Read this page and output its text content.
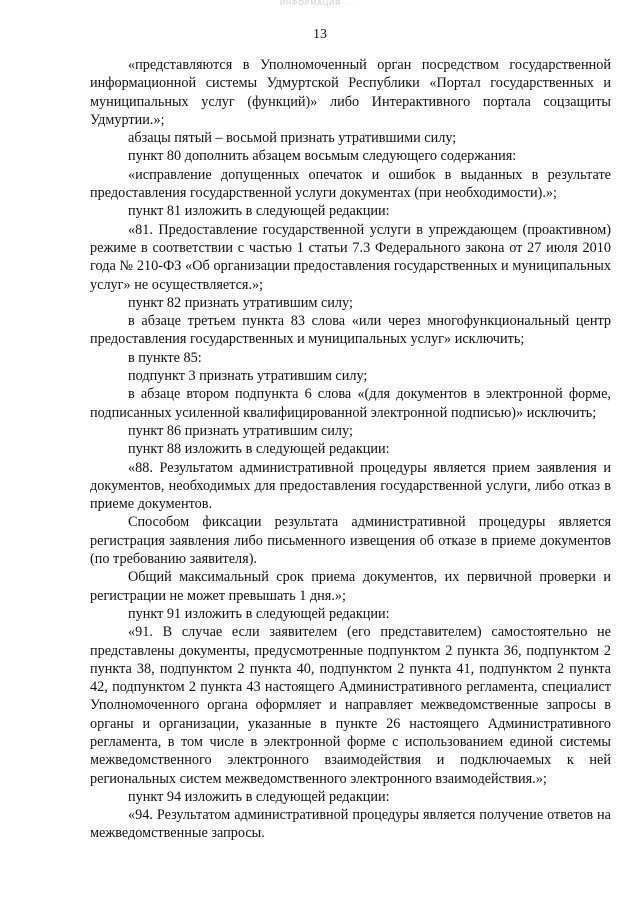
ИНФОРМАЦИЯ · · ·
13

«представляются в Уполномоченный орган посредством государственной информационной системы Удмуртской Республики «Портал государственных и муниципальных услуг (функций)» либо Интерактивного портала соцзащиты Удмуртии.»;

абзацы пятый – восьмой признать утратившими силу;

пункт 80 дополнить абзацем восьмым следующего содержания:

«исправление допущенных опечаток и ошибок в выданных в результате предоставления государственной услуги документах (при необходимости).»;

пункт 81 изложить в следующей редакции:

«81. Предоставление государственной услуги в упреждающем (проактивном) режиме в соответствии с частью 1 статьи 7.3 Федерального закона от 27 июля 2010 года № 210-ФЗ «Об организации предоставления государственных и муниципальных услуг» не осуществляется.»;

пункт 82 признать утратившим силу;

в абзаце третьем пункта 83 слова «или через многофункциональный центр предоставления государственных и муниципальных услуг» исключить;

в пункте 85:

подпункт 3 признать утратившим силу;

в абзаце втором подпункта 6 слова «(для документов в электронной форме, подписанных усиленной квалифицированной электронной подписью)» исключить;

пункт 86 признать утратившим силу;

пункт 88 изложить в следующей редакции:

«88. Результатом административной процедуры является прием заявления и документов, необходимых для предоставления государственной услуги, либо отказ в приеме документов.

Способом фиксации результата административной процедуры является регистрация заявления либо письменного извещения об отказе в приеме документов (по требованию заявителя).

Общий максимальный срок приема документов, их первичной проверки и регистрации не может превышать 1 дня.»;

пункт 91 изложить в следующей редакции:

«91. В случае если заявителем (его представителем) самостоятельно не представлены документы, предусмотренные подпунктом 2 пункта 36, подпунктом 2 пункта 38, подпунктом 2 пункта 40, подпунктом 2 пункта 41, подпунктом 2 пункта 42, подпунктом 2 пункта 43 настоящего Административного регламента, специалист Уполномоченного органа оформляет и направляет межведомственные запросы в органы и организации, указанные в пункте 26 настоящего Административного регламента, в том числе в электронной форме с использованием единой системы межведомственного электронного взаимодействия и подключаемых к ней региональных систем межведомственного электронного взаимодействия.»;

пункт 94 изложить в следующей редакции:

«94. Результатом административной процедуры является получение ответов на межведомственные запросы.
